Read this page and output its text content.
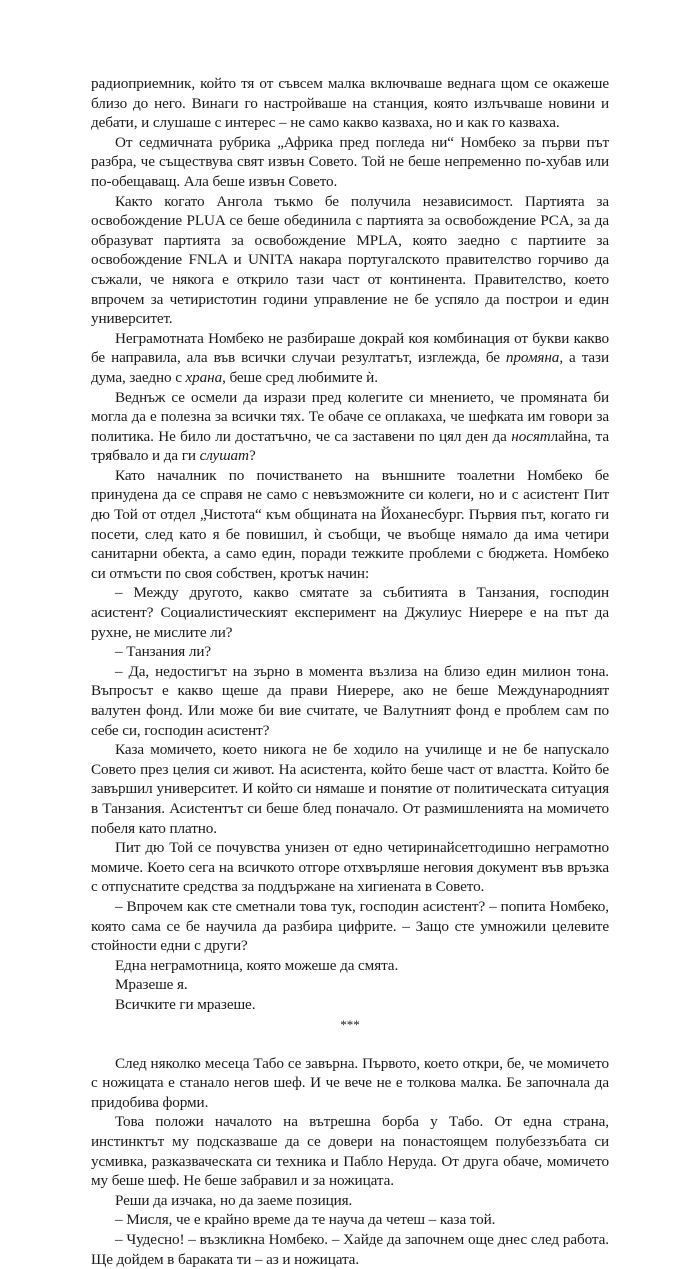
радиоприемник, който тя от съвсем малка включваше веднага щом се окажеше близо до него. Винаги го настройваше на станция, която излъчваше новини и дебати, и слушаше с интерес – не само какво казваха, но и как го казваха.

От седмичната рубрика „Африка пред погледа ни“ Номбеко за първи път разбра, че съществува свят извън Совето. Той не беше непременно по-хубав или по-обещаващ. Ала беше извън Совето.

Както когато Ангола тъкмо бе получила независимост. Партията за освобождение PLUA се беше обединила с партията за освобождение PCA, за да образуват партията за освобождение MPLA, която заедно с партиите за освобождение FNLA и UNITA накара португалското правителство горчиво да съжали, че някога е открило тази част от континента. Правителство, което впрочем за четиристотин години управление не бе успяло да построи и един университет.

Неграмотната Номбеко не разбираше докрай коя комбинация от букви какво бе направила, ала във всички случаи резултатът, изглежда, бе промяна, а тази дума, заедно с храна, беше сред любимите ѝ.

Веднъж се осмели да изрази пред колегите си мнението, че промяната би могла да е полезна за всички тях. Те обаче се оплакаха, че шефката им говори за политика. Не било ли достатъчно, че са заставени по цял ден да носятлайна, та трябвало и да ги слушат?

Като началник по почистването на външните тоалетни Номбеко бе принудена да се справя не само с невъзможните си колеги, но и с асистент Пит дю Той от отдел „Чистота“ към общината на Йоханесбург. Първия път, когато ги посети, след като я бе повишил, ѝ съобщи, че въобще нямало да има четири санитарни обекта, а само един, поради тежките проблеми с бюджета. Номбеко си отмъсти по своя собствен, кротък начин:

– Между другото, какво смятате за събитията в Танзания, господин асистент? Социалистическият експеримент на Джулиус Ниерере е на път да рухне, не мислите ли?

– Танзания ли?

– Да, недостигът на зърно в момента възлиза на близо един милион тона. Въпросът е какво щеше да прави Ниерере, ако не беше Международният валутен фонд. Или може би вие считате, че Валутният фонд е проблем сам по себе си, господин асистент?

Каза момичето, което никога не бе ходило на училище и не бе напускало Совето през целия си живот. На асистента, който беше част от властта. Който бе завършил университет. И който си нямаше и понятие от политическата ситуация в Танзания. Асистентът си беше блед поначало. От размишленията на момичето побеля като платно.

Пит дю Той се почувства унизен от едно четиринайсетгодишно неграмотно момиче. Което сега на всичкото отгоре отхвърляше неговия документ във връзка с отпуснатите средства за поддържане на хигиената в Совето.

– Впрочем как сте сметнали това тук, господин асистент? – попита Номбеко, която сама се бе научила да разбира цифрите. – Защо сте умножили целевите стойности едни с други?

Една неграмотница, която можеше да смята.

Мразеше я.

Всичките ги мразеше.

***

След няколко месеца Табо се завърна. Първото, което откри, бе, че момичето с ножицата е станало негов шеф. И че вече не е толкова малка. Бе започнала да придобива форми.

Това положи началото на вътрешна борба у Табо. От една страна, инстинктът му подсказваше да се довери на понастоящем полубеззъбата си усмивка, разказваческата си техника и Пабло Неруда. От друга обаче, момичето му беше шеф. Не беше забравил и за ножицата.

Реши да изчака, но да заеме позиция.

– Мисля, че е крайно време да те науча да четеш – каза той.

– Чудесно! – възкликна Номбеко. – Хайде да започнем още днес след работа. Ще дойдем в бараката ти – аз и ножицата.
